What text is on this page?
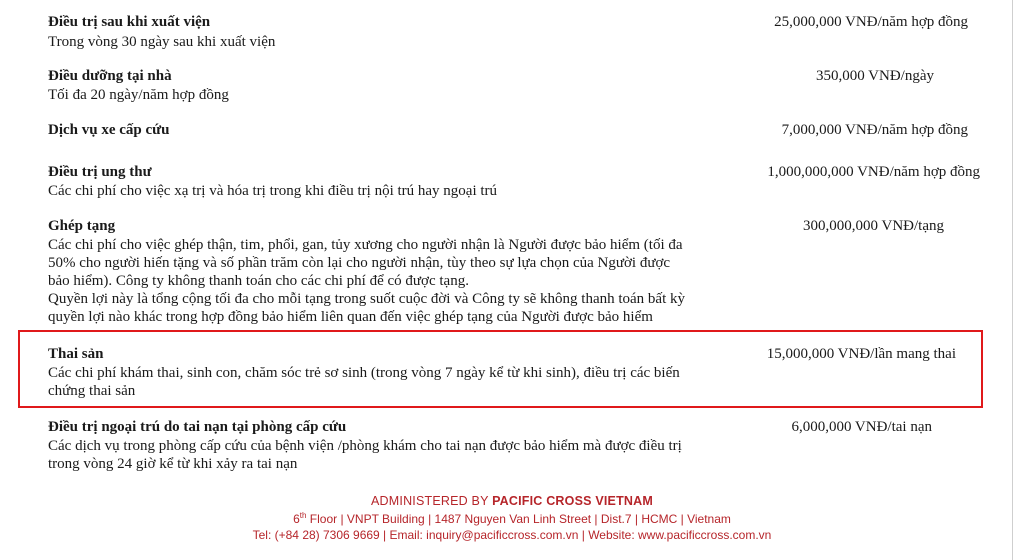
Điều trị sau khi xuất viện	25,000,000 VNĐ/năm hợp đồng
Trong vòng 30 ngày sau khi xuất viện
Điều dưỡng tại nhà	350,000 VNĐ/ngày
Tối đa 20 ngày/năm hợp đồng
Dịch vụ xe cấp cứu	7,000,000 VNĐ/năm hợp đồng
Điều trị ung thư	1,000,000,000 VNĐ/năm hợp đồng
Các chi phí cho việc xạ trị và hóa trị trong khi điều trị nội trú hay ngoại trú
Ghép tạng	300,000,000 VNĐ/tạng
Các chi phí cho việc ghép thận, tim, phổi, gan, tủy xương cho người nhận là Người được bảo hiểm (tối đa
50% cho người hiến tặng và số phần trăm còn lại cho người nhận, tùy theo sự lựa chọn của Người được
bảo hiểm). Công ty không thanh toán cho các chi phí để có được tạng.
Quyền lợi này là tổng cộng tối đa cho mỗi tạng trong suốt cuộc đời và Công ty sẽ không thanh toán bất kỳ
quyền lợi nào khác trong hợp đồng bảo hiểm liên quan đến việc ghép tạng của Người được bảo hiểm
Thai sản	15,000,000 VNĐ/lần mang thai
Các chi phí khám thai, sinh con, chăm sóc trẻ sơ sinh (trong vòng 7 ngày kể từ khi sinh), điều trị các biến
chứng thai sản
Điều trị ngoại trú do tai nạn tại phòng cấp cứu	6,000,000 VNĐ/tai nạn
Các dịch vụ trong phòng cấp cứu của bệnh viện /phòng khám cho tai nạn được bảo hiểm mà được điều trị
trong vòng 24 giờ kể từ khi xảy ra tai nạn
ADMINISTERED BY PACIFIC CROSS VIETNAM
6th Floor | VNPT Building | 1487 Nguyen Van Linh Street | Dist.7 | HCMC | Vietnam
Tel: (+84 28) 7306 9669 | Email: inquiry@pacificcross.com.vn | Website: www.pacificcross.com.vn
